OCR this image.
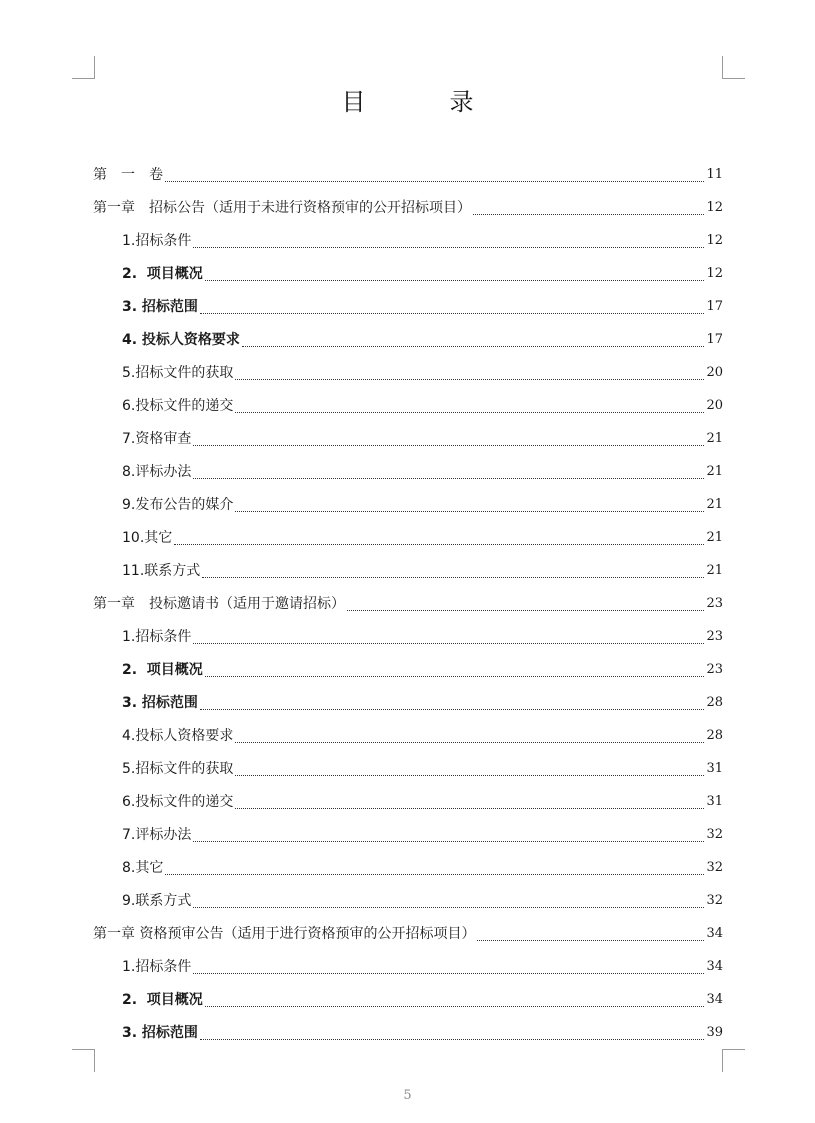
目　录
第　一　卷	11
第一章　招标公告（适用于未进行资格预审的公开招标项目）	12
1.招标条件	12
2.  项目概况	12
3. 招标范围	17
4. 投标人资格要求	17
5.招标文件的获取	20
6.投标文件的递交	20
7.资格审查	21
8.评标办法	21
9.发布公告的媒介	21
10.其它	21
11.联系方式	21
第一章　投标邀请书（适用于邀请招标）	23
1.招标条件	23
2.  项目概况	23
3. 招标范围	28
4.投标人资格要求	28
5.招标文件的获取	31
6.投标文件的递交	31
7.评标办法	32
8.其它	32
9.联系方式	32
第一章 资格预审公告（适用于进行资格预审的公开招标项目）	34
1.招标条件	34
2.  项目概况	34
3. 招标范围	39
5
